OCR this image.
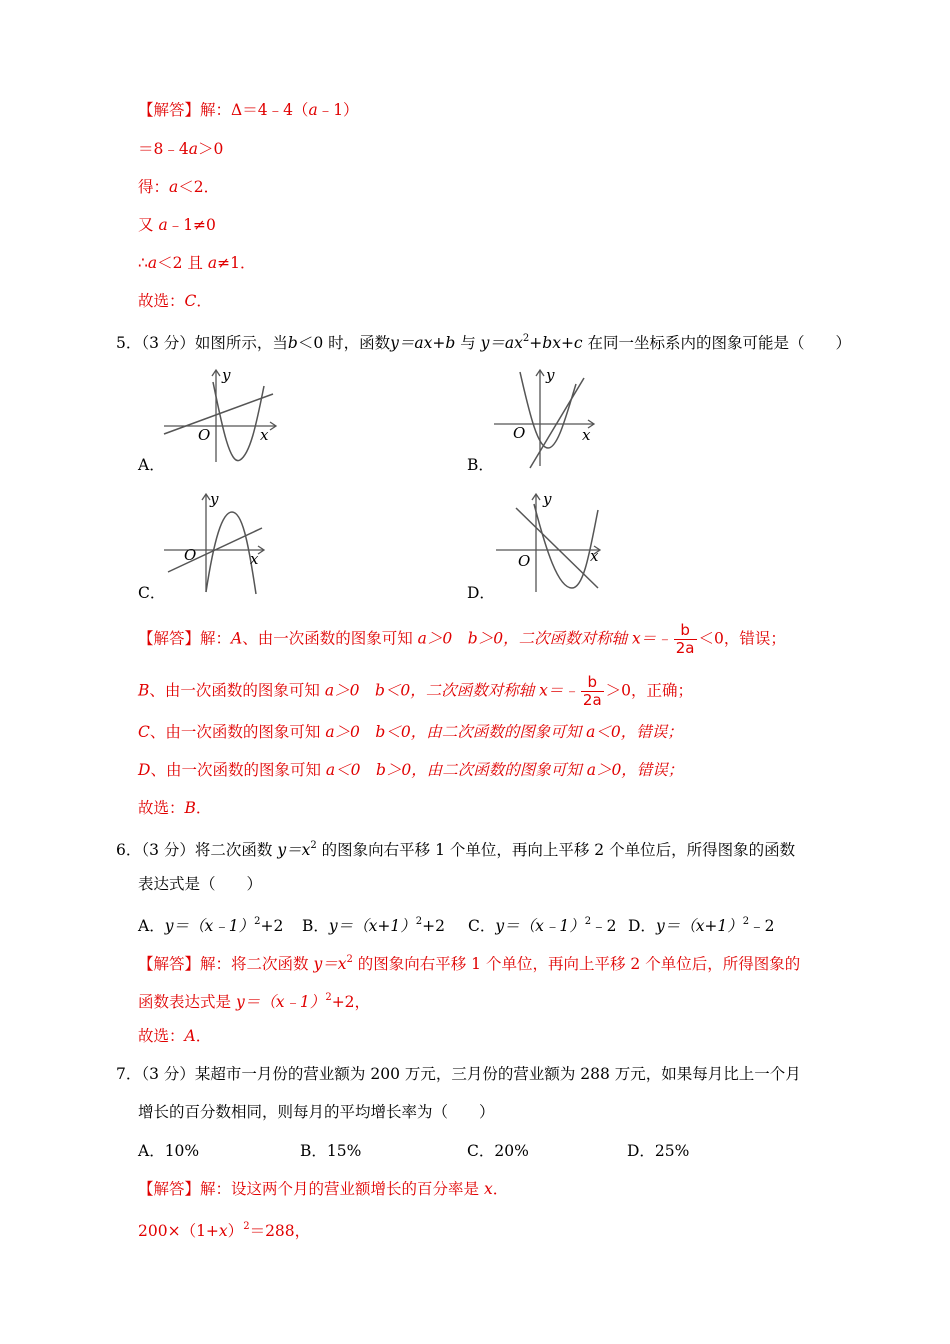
【解答】解：Δ＝4﹣4（a﹣1）
＝8﹣4a＞0
得：a＜2．
又 a﹣1≠0
∴a＜2 且 a≠1．
故选：C．
5．（3 分）如图所示，当b＜0 时，函数y＝ax+b 与 $y=ax^2+bx+c$ 在同一坐标系内的图象可能是（　　）
y
O	x
A．
y
O	x
B．
y
O	x
C．
y
O	x
D．
【解答】解：A、由一次函数的图象可知 a＞0　b＞0，二次函数对称轴 x＝﹣ $\frac{b}{2a} <0$，错误；
B、由一次函数的图象可知 a＞0　b＜0，二次函数对称轴 x＝﹣ $\frac{b}{2a} >0$，正确；
C、由一次函数的图象可知 a＞0　b＜0，由二次函数的图象可知 a＜0，错误；
D、由一次函数的图象可知 a＜0　b＞0，由二次函数的图象可知 a＞0，错误；
故选：B．
6．（3 分）将二次函数 $y=x^2$ 的图象向右平移 1 个单位，再向上平移 2 个单位后，所得图象的函数
表达式是（　　）
A．y＝（x﹣1）$^2$+2 B．$y=(x+1)^2+2$ C．y＝（x﹣1）$^2$﹣2 D．$y=(x+1)^2﹣2$
【解答】解：将二次函数 $y=x^2$ 的图象向右平移 1 个单位，再向上平移 2 个单位后，所得图象的
函数表达式是 y＝（x﹣1）$^2$+2，
故选：A．
7．（3 分）某超市一月份的营业额为 200 万元，三月份的营业额为 288 万元，如果每月比上一个月
增长的百分数相同，则每月的平均增长率为（　　）
A．10%	B．15%	C．20%	D．25%
【解答】解：设这两个月的营业额增长的百分率是 x．
$200\times(1+x)^2=288$，
